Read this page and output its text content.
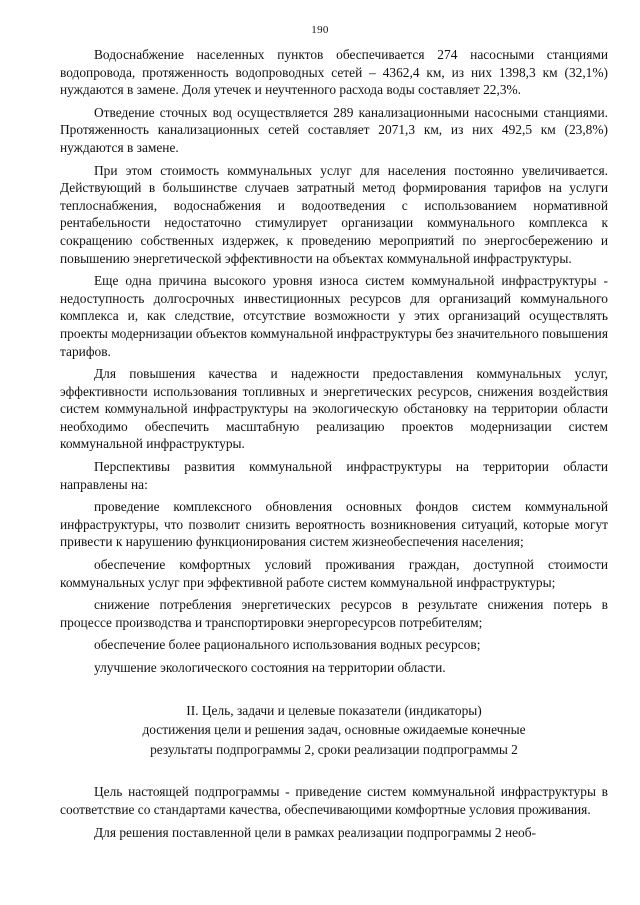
190

Водоснабжение населенных пунктов обеспечивается 274 насосными станциями водопровода, протяженность водопроводных сетей – 4362,4 км, из них 1398,3 км (32,1%) нуждаются в замене. Доля утечек и неучтенного расхода воды составляет 22,3%.

Отведение сточных вод осуществляется 289 канализационными насосными станциями. Протяженность канализационных сетей составляет 2071,3 км, из них 492,5 км (23,8%) нуждаются в замене.

При этом стоимость коммунальных услуг для населения постоянно увеличивается. Действующий в большинстве случаев затратный метод формирования тарифов на услуги теплоснабжения, водоснабжения и водоотведения с использованием нормативной рентабельности недостаточно стимулирует организации коммунального комплекса к сокращению собственных издержек, к проведению мероприятий по энергосбережению и повышению энергетической эффективности на объектах коммунальной инфраструктуры.

Еще одна причина высокого уровня износа систем коммунальной инфраструктуры - недоступность долгосрочных инвестиционных ресурсов для организаций коммунального комплекса и, как следствие, отсутствие возможности у этих организаций осуществлять проекты модернизации объектов коммунальной инфраструктуры без значительного повышения тарифов.

Для повышения качества и надежности предоставления коммунальных услуг, эффективности использования топливных и энергетических ресурсов, снижения воздействия систем коммунальной инфраструктуры на экологическую обстановку на территории области необходимо обеспечить масштабную реализацию проектов модернизации систем коммунальной инфраструктуры.

Перспективы развития коммунальной инфраструктуры на территории области направлены на:

проведение комплексного обновления основных фондов систем коммунальной инфраструктуры, что позволит снизить вероятность возникновения ситуаций, которые могут привести к нарушению функционирования систем жизнеобеспечения населения;

обеспечение комфортных условий проживания граждан, доступной стоимости коммунальных услуг при эффективной работе систем коммунальной инфраструктуры;

снижение потребления энергетических ресурсов в результате снижения потерь в процессе производства и транспортировки энергоресурсов потребителям;

обеспечение более рационального использования водных ресурсов;

улучшение экологического состояния на территории области.

II. Цель, задачи и целевые показатели (индикаторы)
достижения цели и решения задач, основные ожидаемые конечные
результаты подпрограммы 2, сроки реализации подпрограммы 2

Цель настоящей подпрограммы - приведение систем коммунальной инфраструктуры в соответствие со стандартами качества, обеспечивающими комфортные условия проживания.

Для решения поставленной цели в рамках реализации подпрограммы 2 необ-
